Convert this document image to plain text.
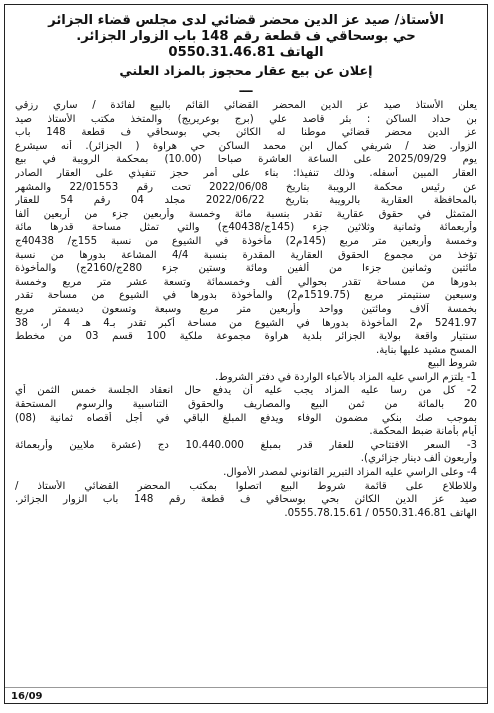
الأستاذ/ صيد عز الدين محضر قضائي لدى مجلس قضاء الجزائر
حي بوسحاقي ف قطعة رقم 148 باب الزوار الجزائر.
الهاتف 0550.31.46.81
إعلان عن بيع عقار محجوز بالمزاد العلني
ـــ
يعلن الأستاذ صيد عز الدين المحضر القضائي القائم بالبيع لفائدة / ساري رزقي
بن حداد الساكن : بئر قاصد علي (برج بوعريريج) والمتخذ مكتب الأستاذ صيد
عز الدين محضر قضائي موطنا له الكائن بحي بوسحاقي ف قطعة 148 باب
الزوار. ضد / شريفي كمال ابن محمد الساكن حي هراوة ( الجزائر). أنه سيشرع
يوم 2025/09/29 على الساعة العاشرة صباحا (10.00) بمحكمة الرويبة في بيع
العقار المبين أسفله. وذلك تنفيذا: بناء على أمر حجز تنفيذي على العقار الصادر
عن رئيس محكمة الرويبة بتاريخ 2022/06/08 تحت رقم 22/01553 والمشهر
بالمحافظة العقارية بالرويبة بتاريخ 2022/06/22 مجلد 04 رقم 54 للعقار
المتمثل في حقوق عقارية تقدر بنسبة مائة وخمسة وأربعين جزء من أربعين ألفا
وأربعمائة وثمانية وثلاثين جزء (145ج/40438ج) والتي تمثل مساحة قدرها مائة
وخمسة وأربعين متر مربع (145م2) مأخوذة في الشيوع من نسبة 155ج/ 40438ج
تؤخذ من مجموع الحقوق العقارية المقدرة بنسبة 4/4 المشاعة بدورها من نسبة
مائتين وثمانين جزءا من ألفين ومائة وستين جزء 280ج/2160ج) والمأخوذة
بدورها من مساحة تقدر بحوالي ألف وخمسمائة وتسعة عشر متر مربع وخمسة
وسبعين سنتيمتر مربع (1519.75م2) والمأخوذة بدورها في الشيوع من مساحة تقدر
بخمسة آلاف ومائتين وواحد وأربعين متر مربع وسبعة وتسعون ديسمتر مربع
5241.97 م2 المأخوذة بدورها في الشيوع من مساحة أكبر تقدر بـ4 هـ 4 ار، 38
سنتيار واقعة بولاية الجزائر بلدية هراوة مجموعة ملكية 100 قسم 03 من مخطط
المسح مشيد عليها بناية.
شروط البيع
1- يلتزم الراسي عليه المزاد بالأعباء الواردة في دفتر الشروط.
2- كل من رسا عليه المزاد يجب عليه أن يدفع حال انعقاد الجلسة خمس الثمن أي
20 بالمائة من ثمن البيع والمصاريف والحقوق التناسبية والرسوم المستحقة
بموجب صك بنكي مضمون الوفاء ويدفع المبلغ الباقي في أجل أقصاه ثمانية (08)
أيام بأمانة ضبط المحكمة.
3- السعر الافتتاحي للعقار قدر بمبلغ 10.440.000 دج (عشرة ملايين وأربعمائة
وأربعون ألف دينار جزائري).
4- وعلى الراسي عليه المزاد التبرير القانوني لمصدر الأموال.
وللاطلاع على قائمة شروط البيع اتصلوا بمكتب المحضر القضائي الأستاذ /
صيد عز الدين الكائن بحي بوسحاقي ف قطعة رقم 148 باب الزوار الجزائر.
الهاتف 0550.31.46.81 / 0555.78.15.61.
16/09
